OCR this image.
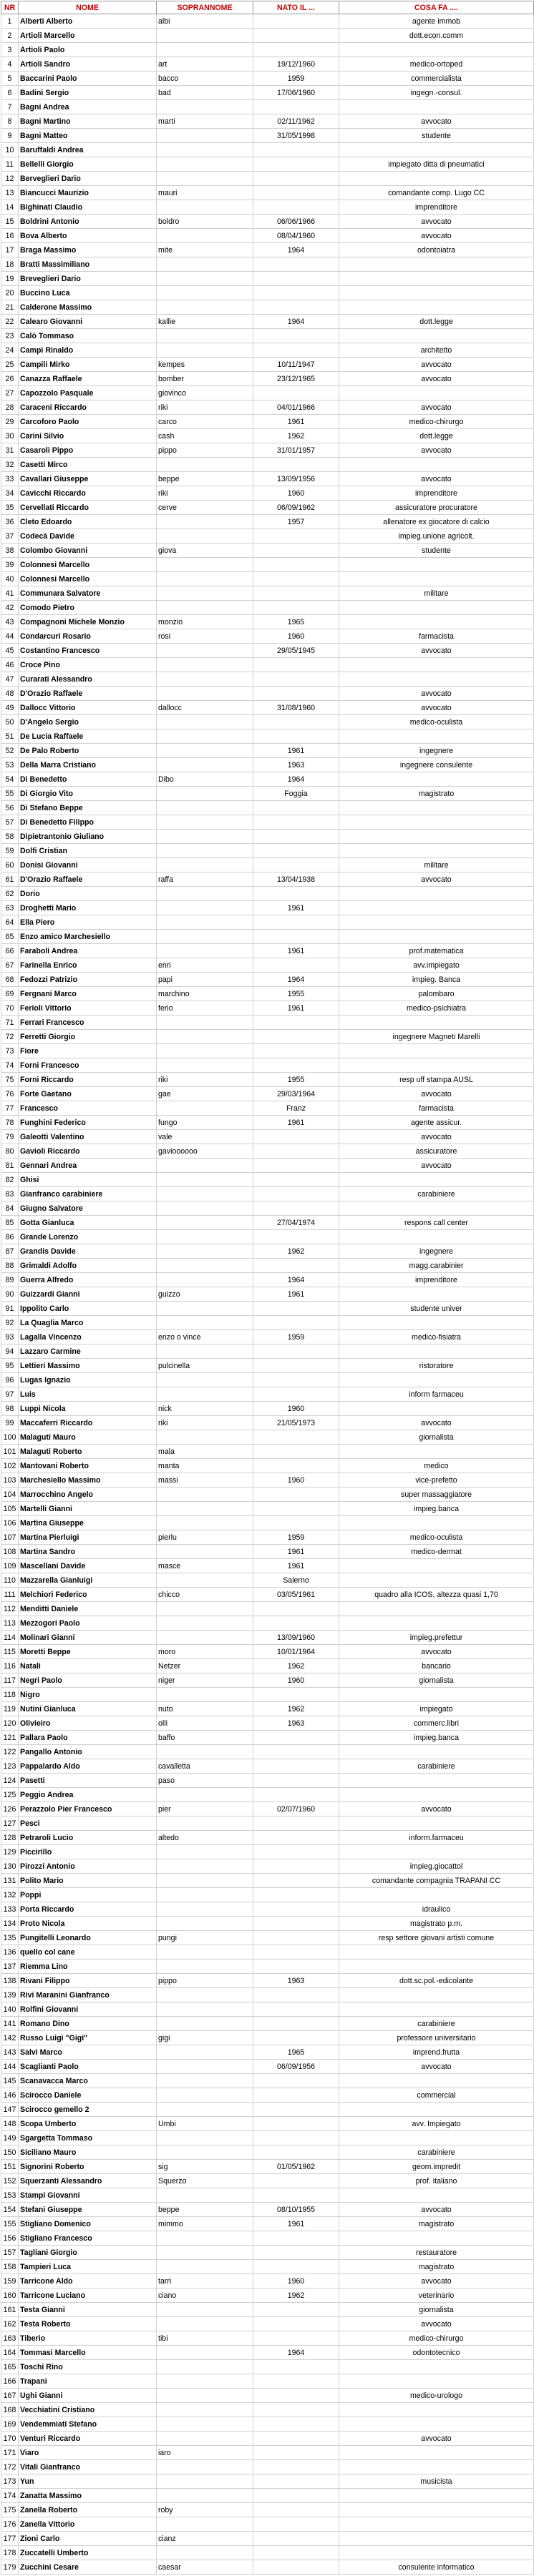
NR	NOME	SOPRANNOME	NATO IL ...	COSA FA ....
1	Alberti Alberto	albi		agente immob
2	Artioli Marcello			dott.econ.comm
3	Artioli Paolo			
4	Artioli Sandro	art	19/12/1960	medico-ortoped
5	Baccarini Paolo	bacco	1959	commercialista
6	Badini Sergio	bad	17/06/1960	ingegn.-consul.
7	Bagni Andrea			
8	Bagni Martino	marti	02/11/1962	avvocato
9	Bagni Matteo		31/05/1998	studente
10	Baruffaldi Andrea			
11	Bellelli Giorgio			impiegato ditta di pneumatici
12	Berveglieri Dario			
13	Biancucci Maurizio	mauri		comandante comp. Lugo CC
14	Bighinati Claudio			imprenditore
15	Boldrini Antonio	boldro	06/06/1966	avvocato
16	Bova Alberto		08/04/1960	avvocato
17	Braga Massimo	mite	1964	odontoiatra
18	Bratti Massimiliano			
19	Breveglieri Dario			
20	Buccino Luca			
21	Calderone Massimo			
22	Calearo Giovanni	kallie	1964	dott.legge
23	Calò Tommaso			
24	Campi Rinaldo			architetto
25	Campili Mirko	kempes	10/11/1947	avvocato
26	Canazza Raffaele	bomber	23/12/1965	avvocato
27	Capozzolo Pasquale	giovinco		
28	Caraceni Riccardo	riki	04/01/1966	avvocato
29	Carcoforo Paolo	carco	1961	medico-chirurgo
30	Carini Silvio	cash	1962	dott.legge
31	Casaroli Pippo	pippo	31/01/1957	avvocato
32	Casetti Mirco			
33	Cavallari Giuseppe	beppe	13/09/1956	avvocato
34	Cavicchi Riccardo	riki	1960	imprenditore
35	Cervellati Riccardo	cerve	06/09/1962	assicuratore procuratore
36	Cleto Edoardo		1957	allenatore ex giocatore di calcio
37	Codecà Davide			impieg.unione agricolt.
38	Colombo Giovanni	giova		studente
39	Colonnesi Marcello			
40	Colonnesi Marcello			
41	Communara Salvatore			militare
42	Comodo Pietro			
43	Compagnoni Michele Monzio	monzio	1965	
44	Condarcuri Rosario	rosi	1960	farmacista
45	Costantino Francesco		29/05/1945	avvocato
46	Croce Pino			
47	Curarati Alessandro			
48	D'Orazio Raffaele			avvocato
49	Dallocc Vittorio	dallocc	31/08/1960	avvocato
50	D'Angelo Sergio			medico-oculista
51	De Lucia Raffaele			
52	De Palo Roberto		1961	ingegnere
53	Della Marra Cristiano		1963	ingegnere consulente
54	Di Benedetto	Dibo	1964	
55	Di Giorgio Vito		Foggia	magistrato
56	Di Stefano Beppe			
57	Di Benedetto Filippo			
58	Dipietrantonio Giuliano			
59	Dolfi Cristian			
60	Donisi Giovanni			militare
61	D'Orazio Raffaele	raffa	13/04/1938	avvocato
62	Dorio			
63	Droghetti Mario		1961	
64	Ella Piero			
65	Enzo amico Marchesiello			
66	Faraboli Andrea		1961	prof.matematica
67	Farinella Enrico	enri		avv.impiegato
68	Fedozzi Patrizio	papi	1964	impieg. Banca
69	Fergnani Marco	marchino	1955	palombaro
70	Ferioli Vittorio	ferio	1961	medico-psichiatra
71	Ferrari Francesco			
72	Ferretti Giorgio			ingegnere Magneti Marelli
73	Fiore			
74	Forni Francesco			
75	Forni Riccardo	riki	1955	resp uff stampa AUSL
76	Forte Gaetano	gae	29/03/1964	avvocato
77	Francesco		Franz	farmacista
78	Funghini Federico	fungo	1961	agente assicur.
79	Galeotti Valentino	vale		avvocato
80	Gavioli Riccardo	gavioooooo		assicuratore
81	Gennari Andrea			avvocato
82	Ghisi			
83	Gianfranco carabiniere			carabiniere
84	Giugno Salvatore			
85	Gotta Gianluca		27/04/1974	respons call center
86	Grande Lorenzo			
87	Grandis Davide		1962	ingegnere
88	Grimaldi Adolfo			magg.carabinier
89	Guerra Alfredo		1964	imprenditore
90	Guizzardi Gianni	guizzo	1961	
91	Ippolito Carlo			studente univer
92	La Quaglia Marco			
93	Lagalla Vincenzo	enzo o vince	1959	medico-fisiatra
94	Lazzaro Carmine			
95	Lettieri Massimo	pulcinella		ristoratore
96	Lugas Ignazio			
97	Luis			inform farmaceu
98	Luppi Nicola	nick	1960	
99	Maccaferri Riccardo	riki	21/05/1973	avvocato
100	Malaguti Mauro			giornalista
101	Malaguti Roberto	mala		
102	Mantovani Roberto	manta		medico
103	Marchesiello Massimo	massi	1960	vice-prefetto
104	Marrocchino Angelo			super massaggiatore
105	Martelli Gianni			impieg.banca
106	Martina Giuseppe			
107	Martina Pierluigi	pierlu	1959	medico-oculista
108	Martina Sandro		1961	medico-dermat
109	Mascellani Davide	masce	1961	
110	Mazzarella Gianluigi		Salerno	
111	Melchiori Federico	chicco	03/05/1961	quadro alla ICOS, altezza quasi 1,70
112	Menditti Daniele			
113	Mezzogori Paolo			
114	Molinari Gianni		13/09/1960	impieg.prefettur
115	Moretti Beppe	moro	10/01/1964	avvocato
116	Natali	Netzer	1962	bancario
117	Negri Paolo	niger	1960	giornalista
118	Nigro			
119	Nutini Gianluca	nuto	1962	impiegato
120	Olivieiro	olli	1963	commerc.libri
121	Pallara Paolo	baffo		impieg.banca
122	Pangallo Antonio			
123	Pappalardo Aldo	cavalletta		carabiniere
124	Pasetti	paso		
125	Peggio Andrea			
126	Perazzolo Pier Francesco	pier	02/07/1960	avvocato
127	Pesci			
128	Petraroli Lucio	altedo		inform.farmaceu
129	Piccirillo			
130	Pirozzi Antonio			impieg.giocattol
131	Polito Mario			comandante compagnia TRAPANI CC
132	Poppi			
133	Porta Riccardo			idraulico
134	Proto Nicola			magistrato p.m.
135	Pungitelli Leonardo	pungi		resp settore giovani artisti comune
136	quello col cane			
137	Riemma Lino			
138	Rivani Filippo	pippo	1963	dott.sc.pol.-edicolante
139	Rivi Maranini Gianfranco			
140	Rolfini Giovanni			
141	Romano Dino			carabiniere
142	Russo Luigi "Gigi"	gigi		professore universitario
143	Salvi Marco		1965	imprend.frutta
144	Scaglianti Paolo		06/09/1956	avvocato
145	Scanavacca Marco			
146	Scirocco Daniele			commercial
147	Scirocco gemello 2			
148	Scopa Umberto	Umbi		avv. Impiegato
149	Sgargetta Tommaso			
150	Siciliano Mauro			carabiniere
151	Signorini Roberto	sig	01/05/1962	geom.impredit
152	Squerzanti Alessandro	Squerzo		prof. italiano
153	Stampi Giovanni			
154	Stefani Giuseppe	beppe	08/10/1955	avvocato
155	Stigliano Domenico	mimmo	1961	magistrato
156	Stigliano Francesco			
157	Tagliani Giorgio			restauratore
158	Tampieri Luca			magistrato
159	Tarricone Aldo	tarri	1960	avvocato
160	Tarricone Luciano	ciano	1962	veterinario
161	Testa Gianni			giornalista
162	Testa Roberto			avvocato
163	Tiberio	tibi		medico-chirurgo
164	Tommasi Marcello		1964	odontotecnico
165	Toschi Rino			
166	Trapani			
167	Ughi Gianni			medico-urologo
168	Vecchiatini Cristiano			
169	Vendemmiati Stefano			
170	Venturi Riccardo			avvocato
171	Viaro	iaro		
172	Vitali Gianfranco			
173	Yun			musicista
174	Zanatta Massimo			
175	Zanella Roberto	roby		
176	Zanella Vittorio			
177	Zioni Carlo	cianz		
178	Zuccatelli Umberto			
179	Zucchini Cesare	caesar		consulente informatico
